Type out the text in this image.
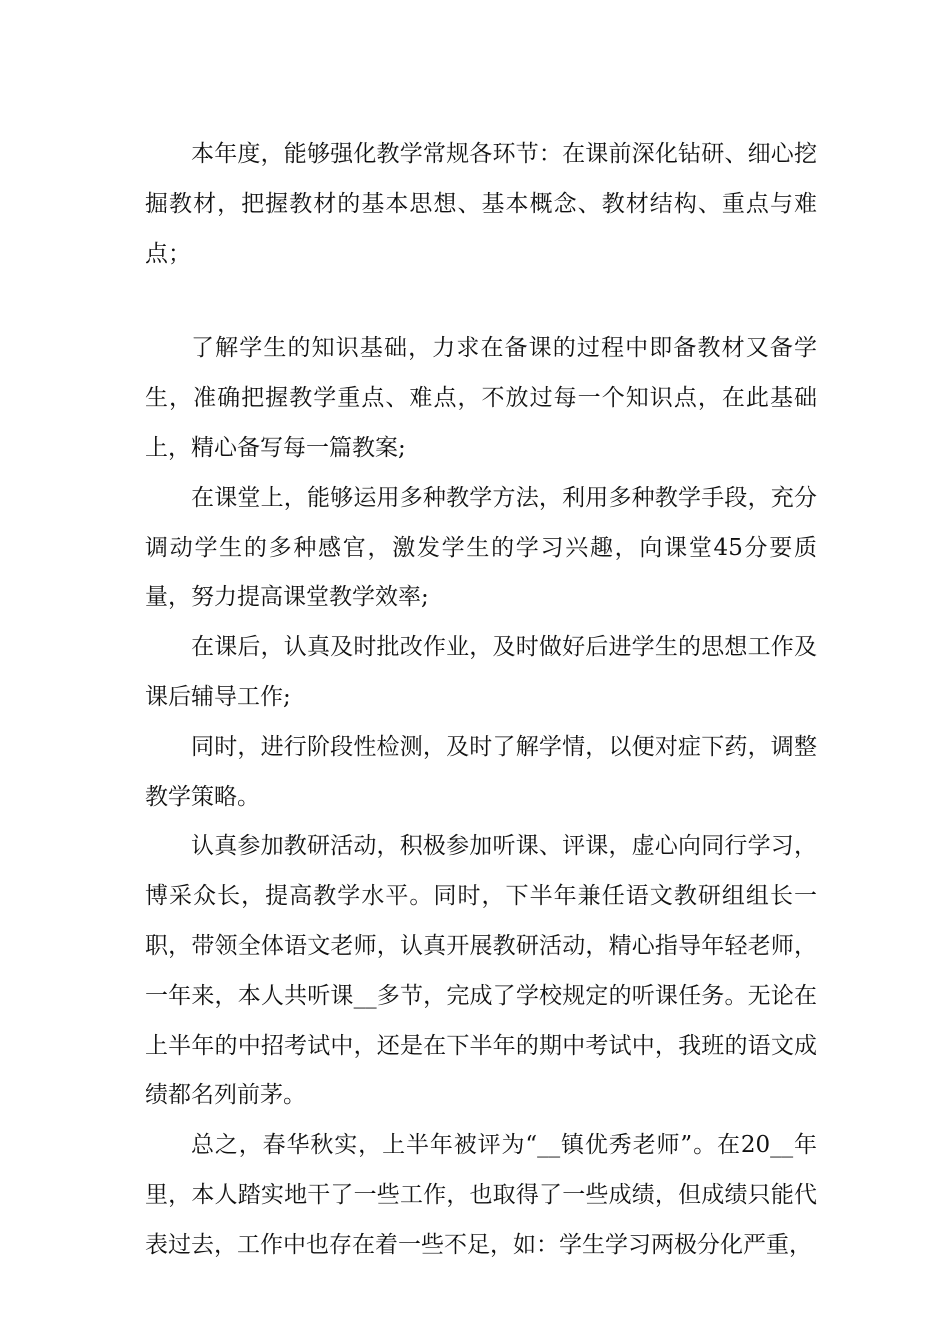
本年度，能够强化教学常规各环节：在课前深化钻研、细心挖掘教材，把握教材的基本思想、基本概念、教材结构、重点与难点；

了解学生的知识基础，力求在备课的过程中即备教材又备学生，准确把握教学重点、难点，不放过每一个知识点，在此基础上，精心备写每一篇教案;

在课堂上，能够运用多种教学方法，利用多种教学手段，充分调动学生的多种感官，激发学生的学习兴趣，向课堂45分要质量，努力提高课堂教学效率;

在课后，认真及时批改作业，及时做好后进学生的思想工作及课后辅导工作;

同时，进行阶段性检测，及时了解学情，以便对症下药，调整教学策略。

认真参加教研活动，积极参加听课、评课，虚心向同行学习，博采众长，提高教学水平。同时，下半年兼任语文教研组组长一职，带领全体语文老师，认真开展教研活动，精心指导年轻老师，一年来，本人共听课__多节，完成了学校规定的听课任务。无论在上半年的中招考试中，还是在下半年的期中考试中，我班的语文成绩都名列前茅。

总之，春华秋实，上半年被评为“__镇优秀老师”。在20__年里，本人踏实地干了一些工作，也取得了一些成绩，但成绩只能代表过去，工作中也存在着一些不足，如：学生学习两极分化严重，
